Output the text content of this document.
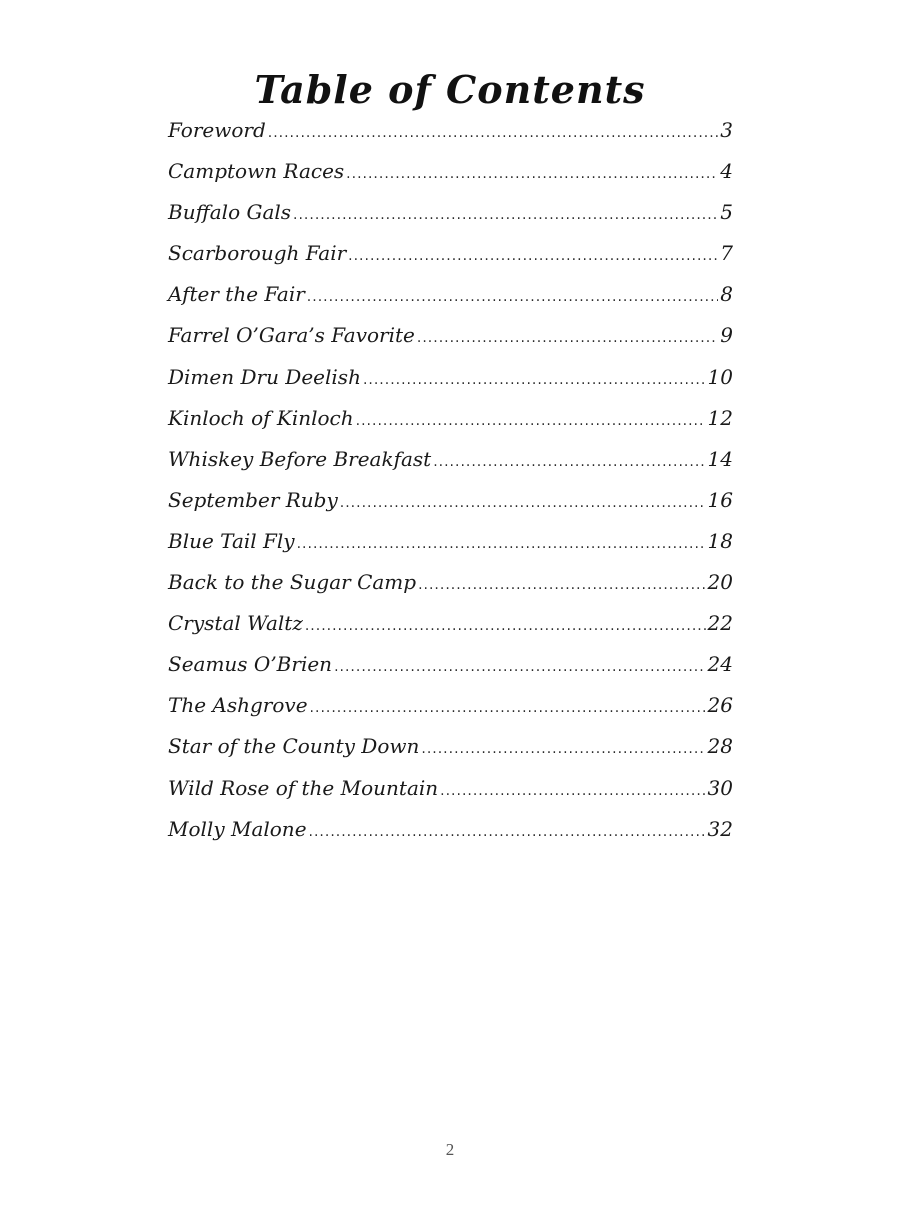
Table of Contents
Foreword .....	3
Camptown Races .....	4
Buffalo Gals .....	5
Scarborough Fair .....	7
After the Fair .....	8
Farrel O’Gara’s Favorite .....	9
Dimen Dru Deelish .....	10
Kinloch of Kinloch .....	12
Whiskey Before Breakfast .....	14
September Ruby .....	16
Blue Tail Fly .....	18
Back to the Sugar Camp .....	20
Crystal Waltz .....	22
Seamus O’Brien .....	24
The Ashgrove .....	26
Star of the County Down .....	28
Wild Rose of the Mountain .....	30
Molly Malone .....	32
2
